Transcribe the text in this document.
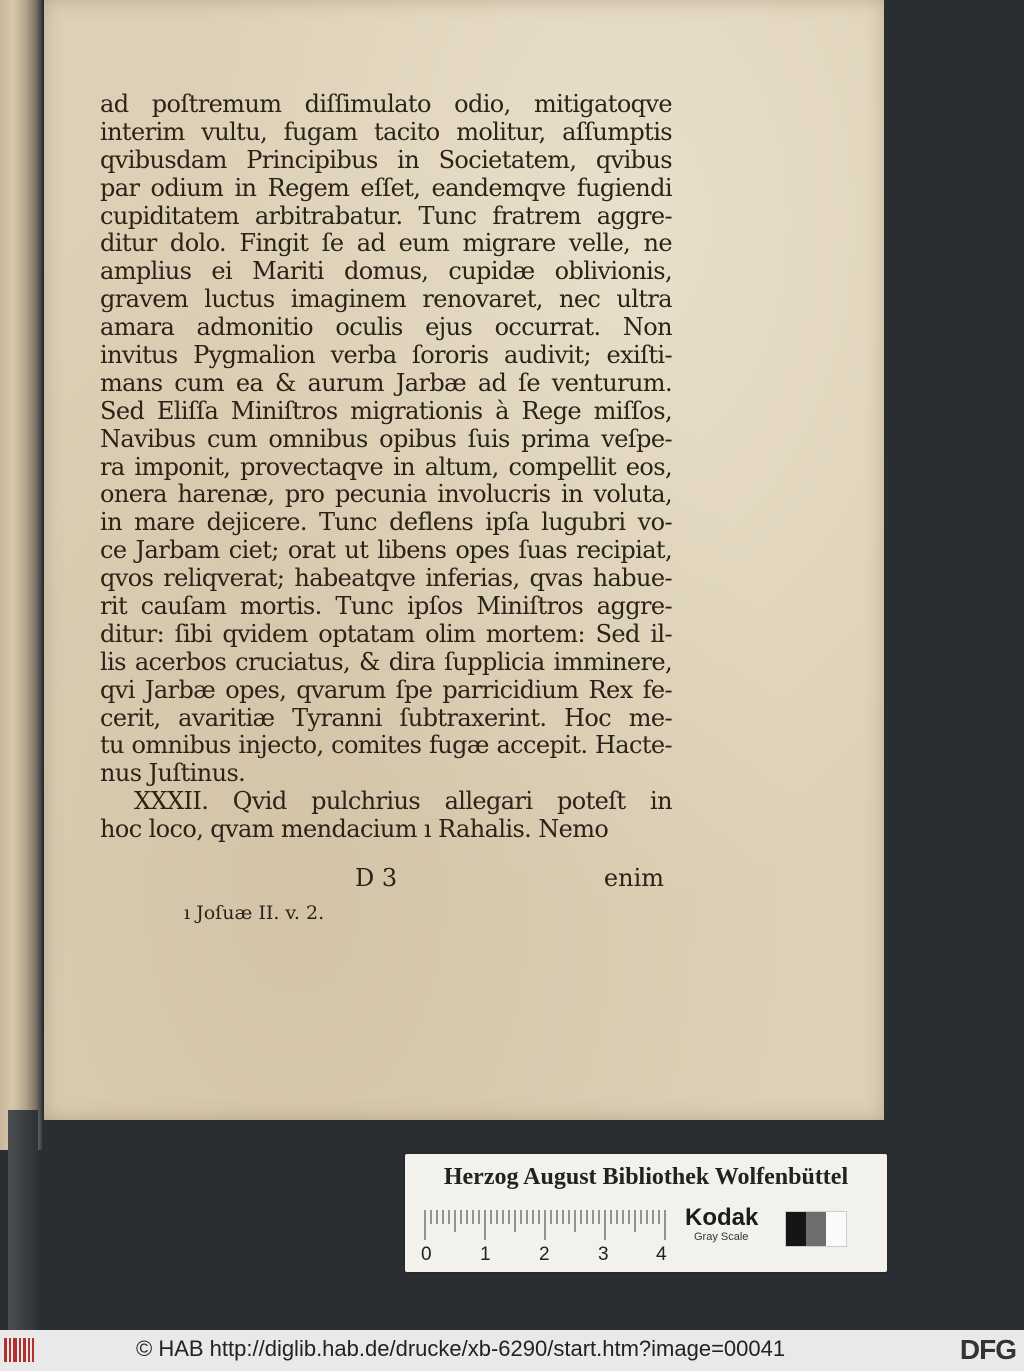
ad poſtremum diſſimulato odio, mitigatoqve
interim vultu, fugam tacito molitur, aſſumptis
qvibusdam Principibus in Societatem, qvibus
par odium in Regem eſſet, eandemqve fugiendi
cupiditatem arbitrabatur. Tunc fratrem aggre-
ditur dolo. Fingit ſe ad eum migrare velle, ne
amplius ei Mariti domus, cupidæ oblivionis,
gravem luctus imaginem renovaret, nec ultra
amara admonitio oculis ejus occurrat. Non
invitus Pygmalion verba ſororis audivit; exiſti-
mans cum ea & aurum Jarbæ ad ſe venturum.
Sed Eliſſa Miniſtros migrationis à Rege miſſos,
Navibus cum omnibus opibus ſuis prima veſpe-
ra imponit, provectaqve in altum, compellit eos,
onera harenæ, pro pecunia involucris in voluta,
in mare dejicere. Tunc deflens ipſa lugubri vo-
ce Jarbam ciet; orat ut libens opes ſuas recipiat,
qvos reliqverat; habeatqve inferias, qvas habue-
rit cauſam mortis. Tunc ipſos Miniſtros aggre-
ditur: ſibi qvidem optatam olim mortem: Sed il-
lis acerbos cruciatus, & dira ſupplicia imminere,
qvi Jarbæ opes, qvarum ſpe parricidium Rex fe-
cerit, avaritiæ Tyranni ſubtraxerint. Hoc me-
tu omnibus injecto, comites fugæ accepit. Hacte-
nus Juſtinus.
XXXII. Qvid pulchrius allegari poteſt in
hoc loco, qvam mendacium ı Rahalis. Nemo
D 3	enim
ı Joſuæ II. v. 2.
Herzog August Bibliothek Wolfenbüttel
0	1	2	3 4
Kodak
Gray Scale
© HAB http://diglib.hab.de/drucke/xb-6290/start.htm?image=00041	DFG
